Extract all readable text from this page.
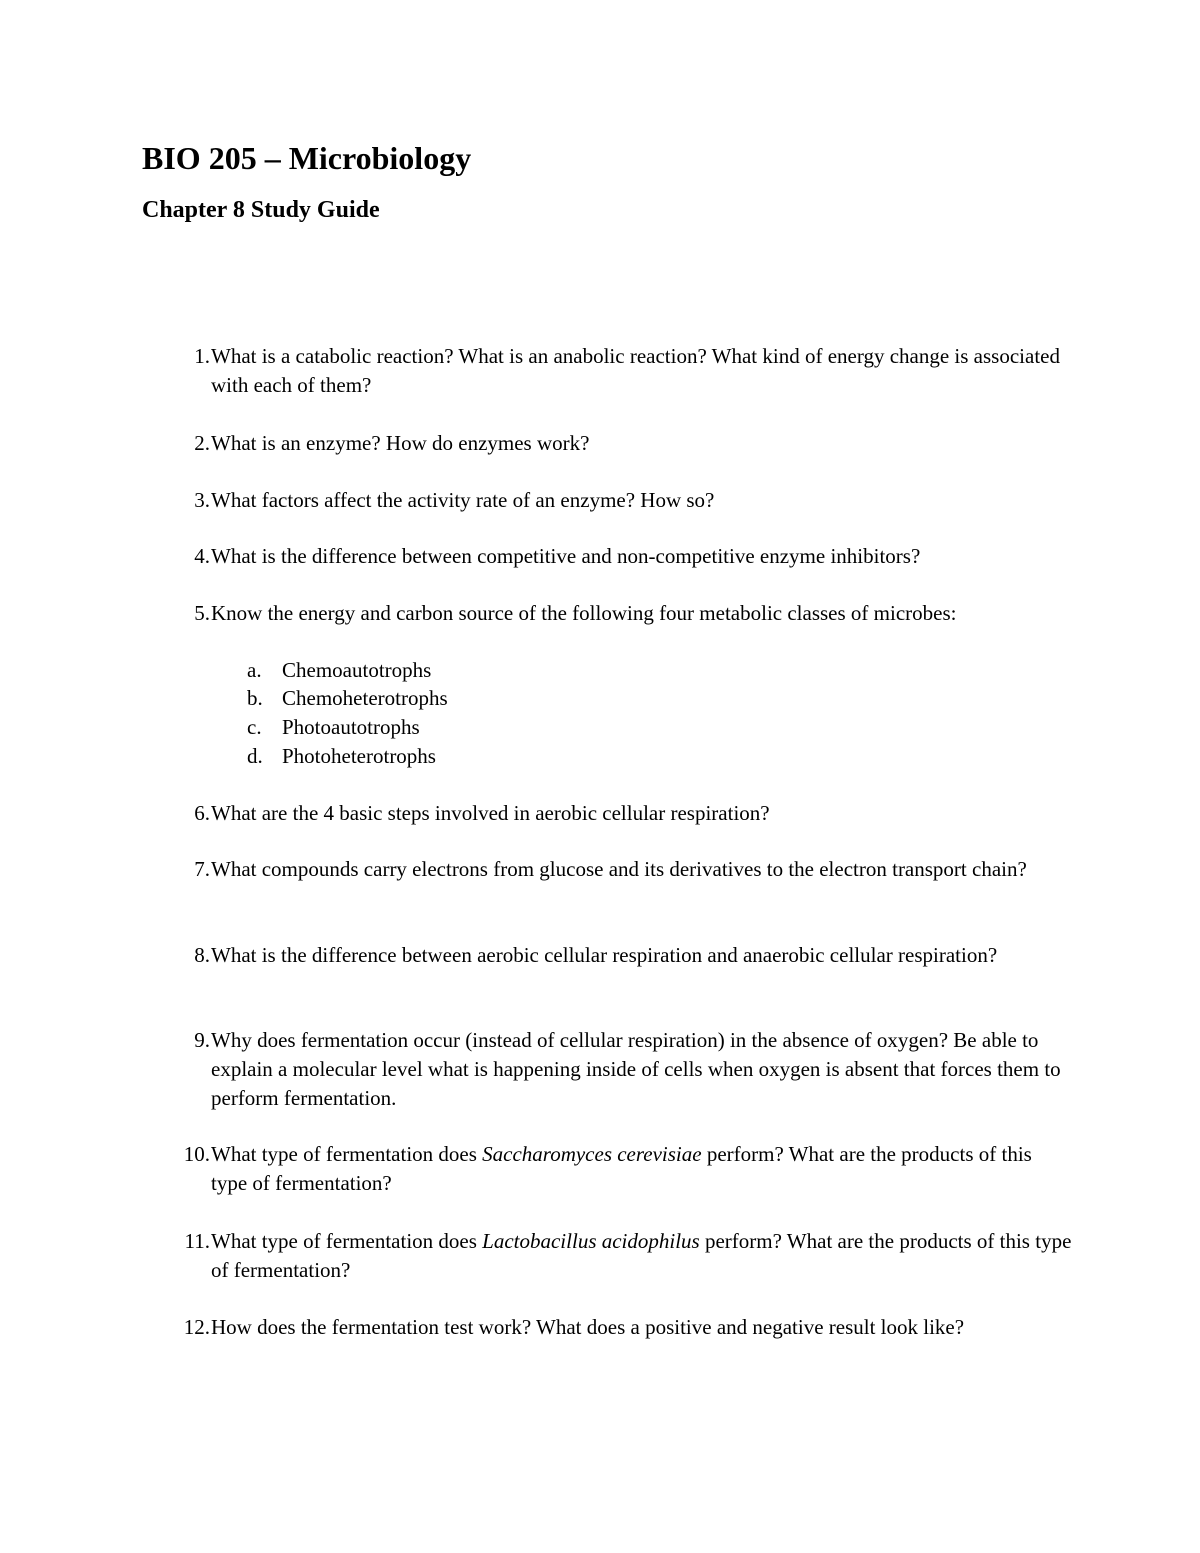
BIO 205 – Microbiology
Chapter 8 Study Guide
1. What is a catabolic reaction? What is an anabolic reaction? What kind of energy change is associated with each of them?
2. What is an enzyme? How do enzymes work?
3. What factors affect the activity rate of an enzyme? How so?
4. What is the difference between competitive and non-competitive enzyme inhibitors?
5. Know the energy and carbon source of the following four metabolic classes of microbes:
a. Chemoautotrophs
b. Chemoheterotrophs
c. Photoautotrophs
d. Photoheterotrophs
6. What are the 4 basic steps involved in aerobic cellular respiration?
7. What compounds carry electrons from glucose and its derivatives to the electron transport chain?
8. What is the difference between aerobic cellular respiration and anaerobic cellular respiration?
9. Why does fermentation occur (instead of cellular respiration) in the absence of oxygen? Be able to explain a molecular level what is happening inside of cells when oxygen is absent that forces them to perform fermentation.
10. What type of fermentation does Saccharomyces cerevisiae perform? What are the products of this type of fermentation?
11. What type of fermentation does Lactobacillus acidophilus perform? What are the products of this type of fermentation?
12. How does the fermentation test work? What does a positive and negative result look like?
